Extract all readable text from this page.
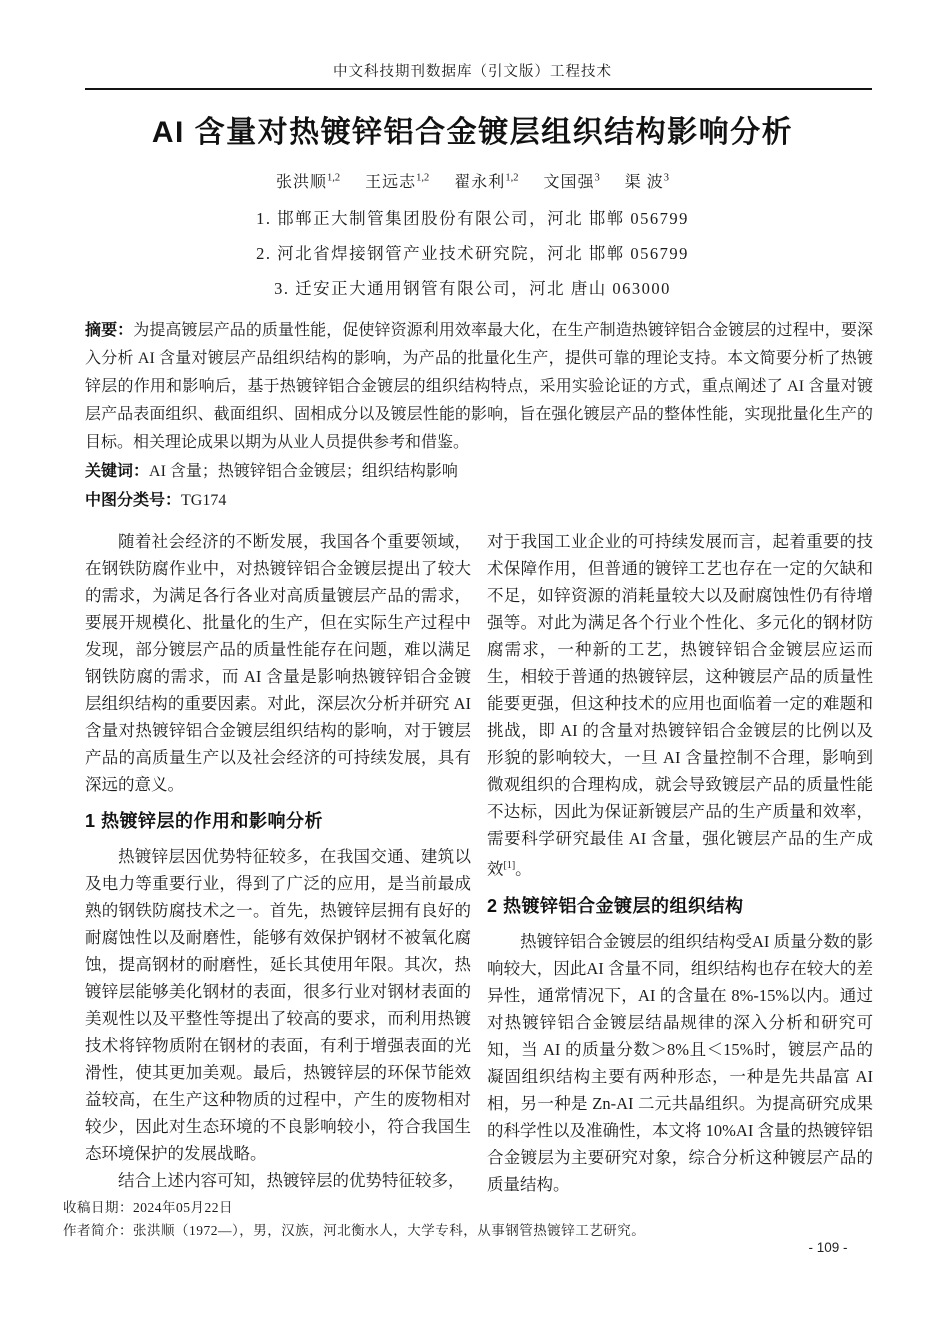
中文科技期刊数据库（引文版）工程技术
AI 含量对热镀锌铝合金镀层组织结构影响分析
张洪顺$^{1,2}$ 王远志$^{1,2}$ 翟永利$^{1,2}$ 文国强$^3$ 渠 波$^3$
1. 邯郸正大制管集团股份有限公司，河北 邯郸 056799
2. 河北省焊接钢管产业技术研究院，河北 邯郸 056799
3. 迁安正大通用钢管有限公司，河北 唐山 063000

摘要：为提高镀层产品的质量性能，促使锌资源利用效率最大化，在生产制造热镀锌铝合金镀层的过程中，要深入分析 AI 含量对镀层产品组织结构的影响，为产品的批量化生产，提供可靠的理论支持。本文简要分析了热镀锌层的作用和影响后，基于热镀锌铝合金镀层的组织结构特点，采用实验论证的方式，重点阐述了 AI 含量对镀层产品表面组织、截面组织、固相成分以及镀层性能的影响，旨在强化镀层产品的整体性能，实现批量化生产的目标。相关理论成果以期为从业人员提供参考和借鉴。

关键词：AI 含量；热镀锌铝合金镀层；组织结构影响

中图分类号：TG174

随着社会经济的不断发展，我国各个重要领域，在钢铁防腐作业中，对热镀锌铝合金镀层提出了较大的需求，为满足各行各业对高质量镀层产品的需求，要展开规模化、批量化的生产，但在实际生产过程中发现，部分镀层产品的质量性能存在问题，难以满足钢铁防腐的需求，而 AI 含量是影响热镀锌铝合金镀层组织结构的重要因素。对此，深层次分析并研究 AI 含量对热镀锌铝合金镀层组织结构的影响，对于镀层产品的高质量生产以及社会经济的可持续发展，具有深远的意义。

1 热镀锌层的作用和影响分析

热镀锌层因优势特征较多，在我国交通、建筑以及电力等重要行业，得到了广泛的应用，是当前最成熟的钢铁防腐技术之一。首先，热镀锌层拥有良好的耐腐蚀性以及耐磨性，能够有效保护钢材不被氧化腐蚀，提高钢材的耐磨性，延长其使用年限。其次，热镀锌层能够美化钢材的表面，很多行业对钢材表面的美观性以及平整性等提出了较高的要求，而利用热镀技术将锌物质附在钢材的表面，有利于增强表面的光滑性，使其更加美观。最后，热镀锌层的环保节能效益较高，在生产这种物质的过程中，产生的废物相对较少，因此对生态环境的不良影响较小，符合我国生态环境保护的发展战略。

结合上述内容可知，热镀锌层的优势特征较多，

对于我国工业企业的可持续发展而言，起着重要的技术保障作用，但普通的镀锌工艺也存在一定的欠缺和不足，如锌资源的消耗量较大以及耐腐蚀性仍有待增强等。对此为满足各个行业个性化、多元化的钢材防腐需求，一种新的工艺，热镀锌铝合金镀层应运而生，相较于普通的热镀锌层，这种镀层产品的质量性能要更强，但这种技术的应用也面临着一定的难题和挑战，即 AI 的含量对热镀锌铝合金镀层的比例以及形貌的影响较大，一旦 AI 含量控制不合理，影响到微观组织的合理构成，就会导致镀层产品的质量性能不达标，因此为保证新镀层产品的生产质量和效率，需要科学研究最佳 AI 含量，强化镀层产品的生产成效[1]。

2 热镀锌铝合金镀层的组织结构

热镀锌铝合金镀层的组织结构受AI 质量分数的影响较大，因此AI 含量不同，组织结构也存在较大的差异性，通常情况下，AI 的含量在 8%-15%以内。通过对热镀锌铝合金镀层结晶规律的深入分析和研究可知，当 AI 的质量分数＞8%且＜15%时，镀层产品的凝固组织结构主要有两种形态，一种是先共晶富 AI 相，另一种是 Zn-AI 二元共晶组织。为提高研究成果的科学性以及准确性，本文将 10%AI 含量的热镀锌铝合金镀层为主要研究对象，综合分析这种镀层产品的质量结构。

收稿日期：2024年05月22日
作者简介：张洪顺（1972—），男，汉族，河北衡水人，大学专科，从事钢管热镀锌工艺研究。
- 109 -
